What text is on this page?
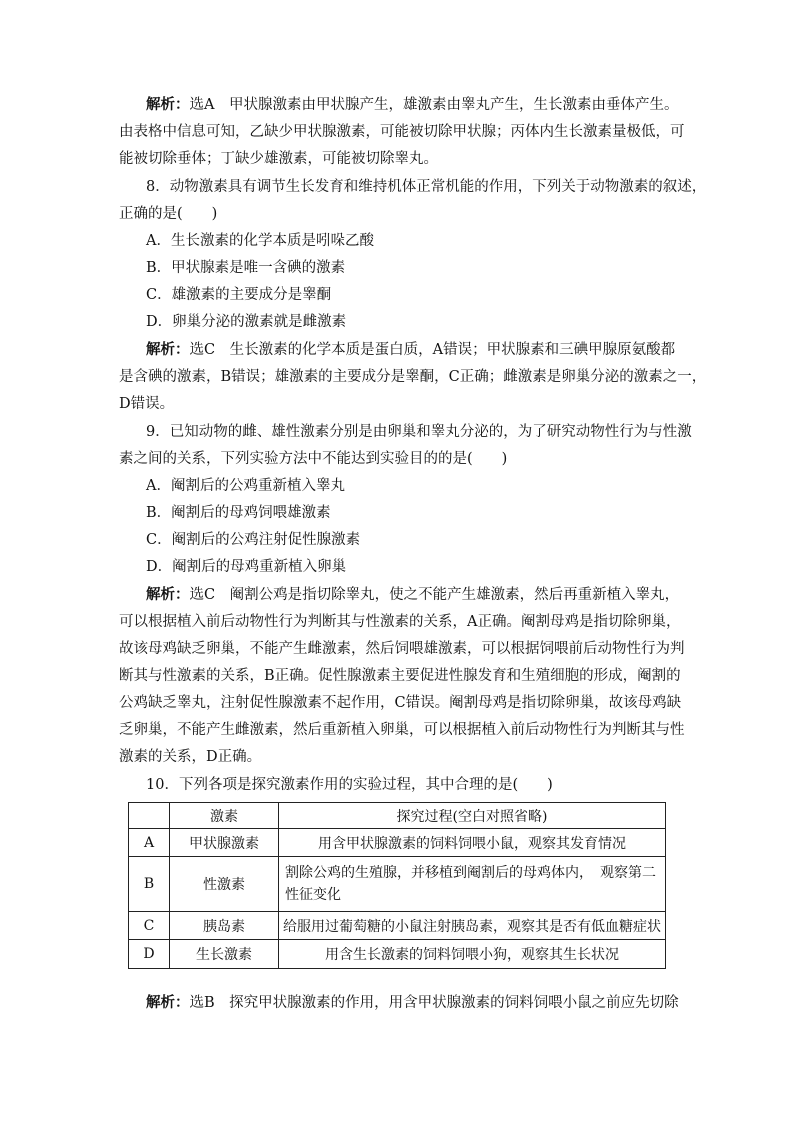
解析：选A　甲状腺激素由甲状腺产生，雄激素由睾丸产生，生长激素由垂体产生。
由表格中信息可知，乙缺少甲状腺激素，可能被切除甲状腺；丙体内生长激素量极低，可
能被切除垂体；丁缺少雄激素，可能被切除睾丸。
8．动物激素具有调节生长发育和维持机体正常机能的作用，下列关于动物激素的叙述，
正确的是(　　)
A．生长激素的化学本质是吲哚乙酸
B．甲状腺素是唯一含碘的激素
C．雄激素的主要成分是睾酮
D．卵巢分泌的激素就是雌激素
解析：选C　生长激素的化学本质是蛋白质，A错误；甲状腺素和三碘甲腺原氨酸都
是含碘的激素，B错误；雄激素的主要成分是睾酮，C正确；雌激素是卵巢分泌的激素之一，
D错误。
9．已知动物的雌、雄性激素分别是由卵巢和睾丸分泌的，为了研究动物性行为与性激
素之间的关系，下列实验方法中不能达到实验目的的是(　　)
A．阉割后的公鸡重新植入睾丸
B．阉割后的母鸡饲喂雄激素
C．阉割后的公鸡注射促性腺激素
D．阉割后的母鸡重新植入卵巢
解析：选C　阉割公鸡是指切除睾丸，使之不能产生雄激素，然后再重新植入睾丸，
可以根据植入前后动物性行为判断其与性激素的关系，A正确。阉割母鸡是指切除卵巢，
故该母鸡缺乏卵巢，不能产生雌激素，然后饲喂雄激素，可以根据饲喂前后动物性行为判
断其与性激素的关系，B正确。促性腺激素主要促进性腺发育和生殖细胞的形成，阉割的
公鸡缺乏睾丸，注射促性腺激素不起作用，C错误。阉割母鸡是指切除卵巢，故该母鸡缺
乏卵巢，不能产生雌激素，然后重新植入卵巢，可以根据植入前后动物性行为判断其与性
激素的关系，D正确。
10．下列各项是探究激素作用的实验过程，其中合理的是(　　)
	激素	探究过程(空白对照省略)
A	甲状腺激素	用含甲状腺激素的饲料饲喂小鼠，观察其发育情况
B	性激素	割除公鸡的生殖腺，并移植到阉割后的母鸡体内，　观察第二
性征变化

C	胰岛素	给服用过葡萄糖的小鼠注射胰岛素，观察其是否有低血糖症状
D	生长激素	用含生长激素的饲料饲喂小狗，观察其生长状况
解析：选B　探究甲状腺激素的作用，用含甲状腺激素的饲料饲喂小鼠之前应先切除
